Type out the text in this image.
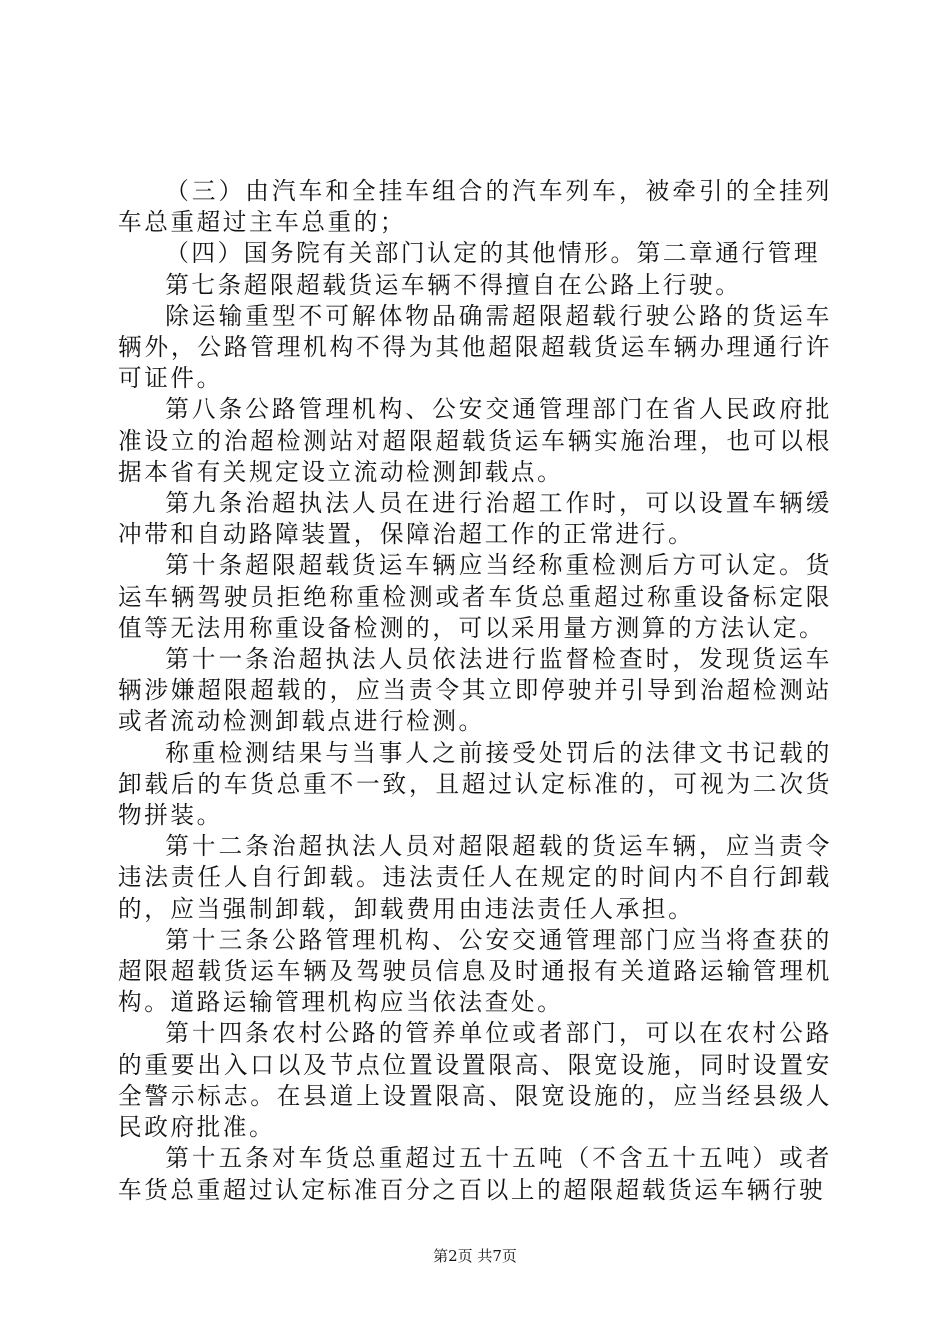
（三）由汽车和全挂车组合的汽车列车，被牵引的全挂列车总重超过主车总重的；

（四）国务院有关部门认定的其他情形。第二章通行管理

第七条超限超载货运车辆不得擅自在公路上行驶。

除运输重型不可解体物品确需超限超载行驶公路的货运车辆外，公路管理机构不得为其他超限超载货运车辆办理通行许可证件。

第八条公路管理机构、公安交通管理部门在省人民政府批准设立的治超检测站对超限超载货运车辆实施治理，也可以根据本省有关规定设立流动检测卸载点。

第九条治超执法人员在进行治超工作时，可以设置车辆缓冲带和自动路障装置，保障治超工作的正常进行。

第十条超限超载货运车辆应当经称重检测后方可认定。货运车辆驾驶员拒绝称重检测或者车货总重超过称重设备标定限值等无法用称重设备检测的，可以采用量方测算的方法认定。

第十一条治超执法人员依法进行监督检查时，发现货运车辆涉嫌超限超载的，应当责令其立即停驶并引导到治超检测站或者流动检测卸载点进行检测。

称重检测结果与当事人之前接受处罚后的法律文书记载的卸载后的车货总重不一致，且超过认定标准的，可视为二次货物拼装。

第十二条治超执法人员对超限超载的货运车辆，应当责令违法责任人自行卸载。违法责任人在规定的时间内不自行卸载的，应当强制卸载，卸载费用由违法责任人承担。

第十三条公路管理机构、公安交通管理部门应当将查获的超限超载货运车辆及驾驶员信息及时通报有关道路运输管理机构。道路运输管理机构应当依法查处。

第十四条农村公路的管养单位或者部门，可以在农村公路的重要出入口以及节点位置设置限高、限宽设施，同时设置安全警示标志。在县道上设置限高、限宽设施的，应当经县级人民政府批准。

第十五条对车货总重超过五十五吨（不含五十五吨）或者车货总重超过认定标准百分之百以上的超限超载货运车辆行驶

第2页 共7页
